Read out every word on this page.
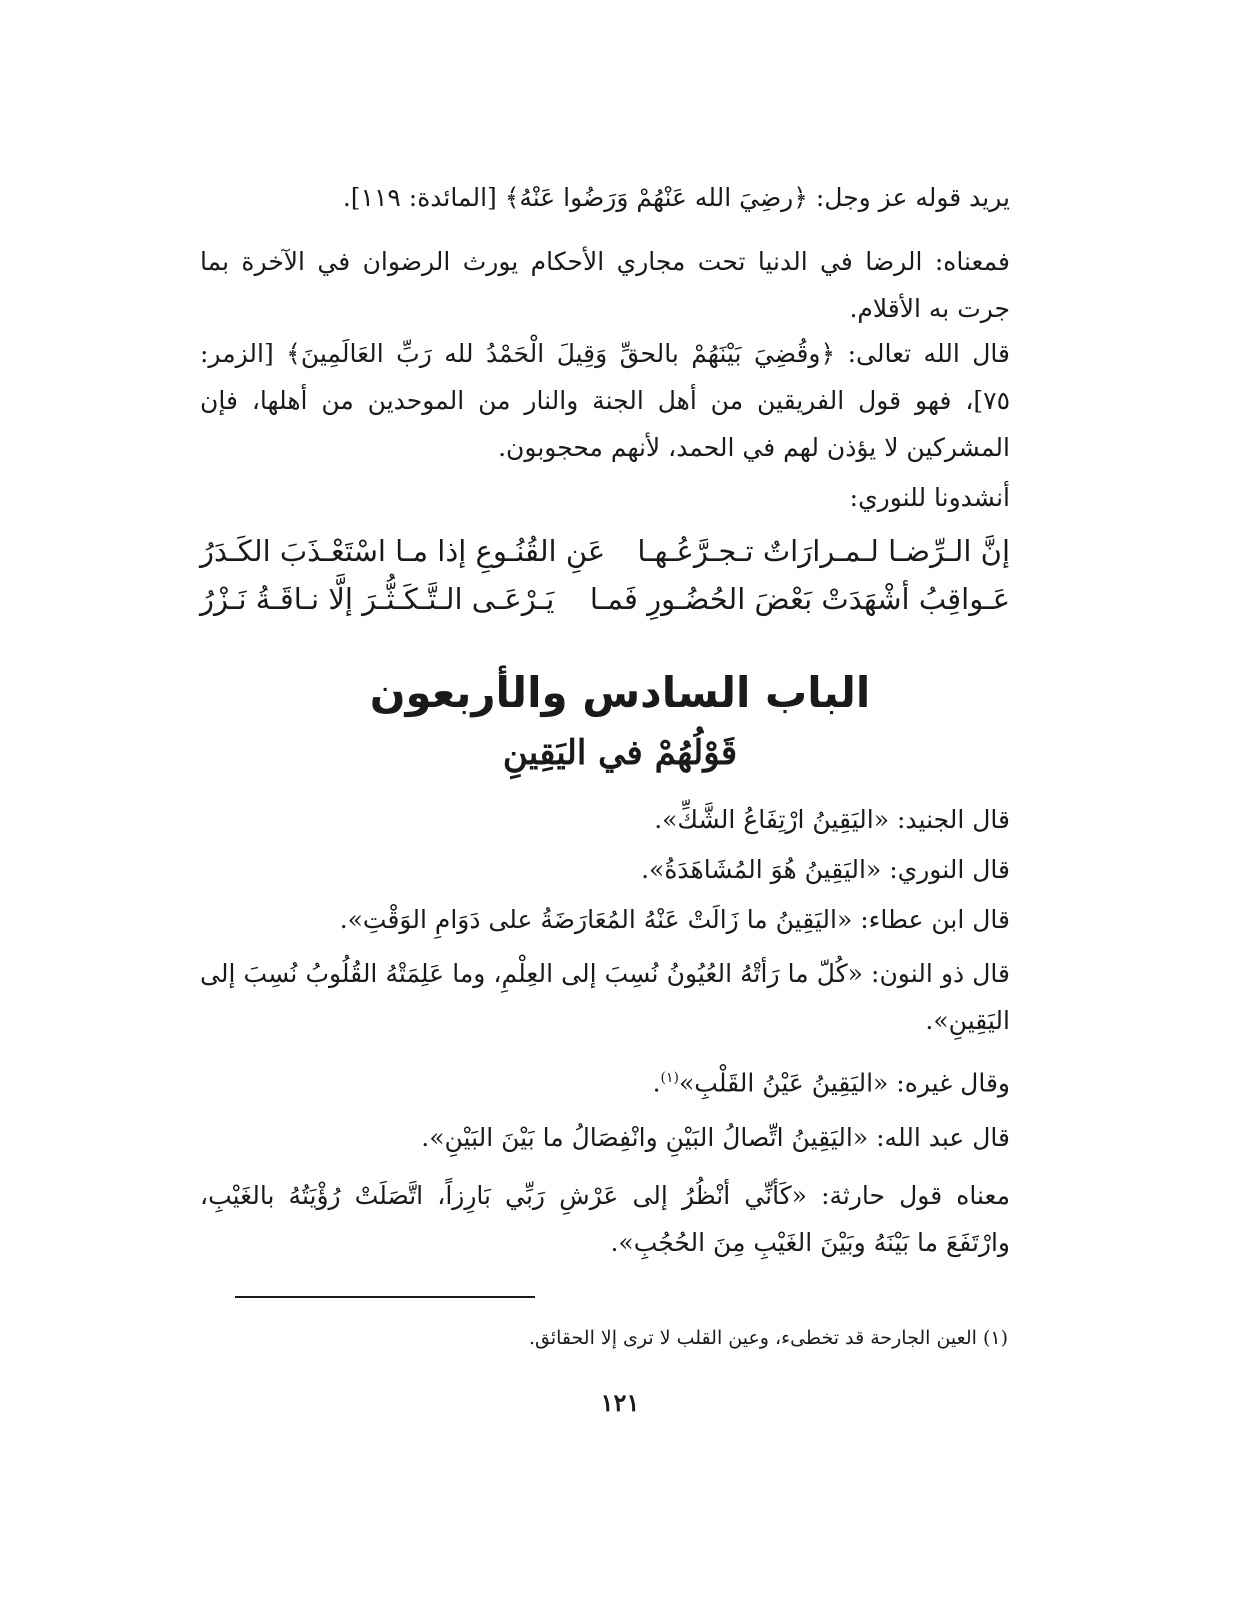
يريد قوله عز وجل: ﴿رضِيَ الله عَنْهُمْ وَرَضُوا عَنْهُ﴾ [المائدة: ١١٩].

فمعناه: الرضا في الدنيا تحت مجاري الأحكام يورث الرضوان في الآخرة بما جرت به الأقلام.

قال الله تعالى: ﴿وقُضِيَ بَيْنَهُمْ بالحقِّ وَقِيلَ الْحَمْدُ لله رَبِّ العَالَمِينَ﴾ [الزمر: ٧٥]، فهو قول الفريقين من أهل الجنة والنار من الموحدين من أهلها، فإن المشركين لا يؤذن لهم في الحمد، لأنهم محجوبون.

أنشدونا للنوري:

إنَّ الـرِّضـا لـمـرارَاتٌ تـجـرَّعُـهـا
عَنِ القُنُـوعِ إذا مـا اسْتَعْـذَبَ الكَـدَرُ
عَـواقِبُ أشْهَدَتْ بَعْضَ الحُضُـورِ فَمـا
يَـرْعَـى الـتَّـكَـثُّـرَ إلَّا نـاقَـةُ نَـزْرُ
الباب السادس والأربعون
قَوْلُهُمْ في اليَقِينِ

قال الجنيد: «اليَقِينُ ارْتِفَاعُ الشَّكِّ».

قال النوري: «اليَقِينُ هُوَ المُشَاهَدَةُ».

قال ابن عطاء: «اليَقِينُ ما زَالَتْ عَنْهُ المُعَارَضَةُ على دَوَامِ الوَقْتِ».

قال ذو النون: «كُلّ ما رَأتْهُ العُيُونُ نُسِبَ إلى العِلْمِ، وما عَلِمَتْهُ القُلُوبُ نُسِبَ إلى اليَقِينِ».

وقال غيره: «اليَقِينُ عَيْنُ القَلْبِ»$^{(١)}$.

قال عبد الله: «اليَقِينُ اتِّصالُ البَيْنِ وانْفِصَالُ ما بَيْنَ البَيْنِ».

معناه قول حارثة: «كَأنِّي أنْظُرُ إلى عَرْشِ رَبِّي بَارِزاً، اتَّصَلَتْ رُؤْيَتُهُ بالغَيْبِ، وارْتَفَعَ ما بَيْنَهُ وبَيْنَ الغَيْبِ مِنَ الحُجُبِ».

(١) العين الجارحة قد تخطىء، وعين القلب لا ترى إلا الحقائق.

١٢١
